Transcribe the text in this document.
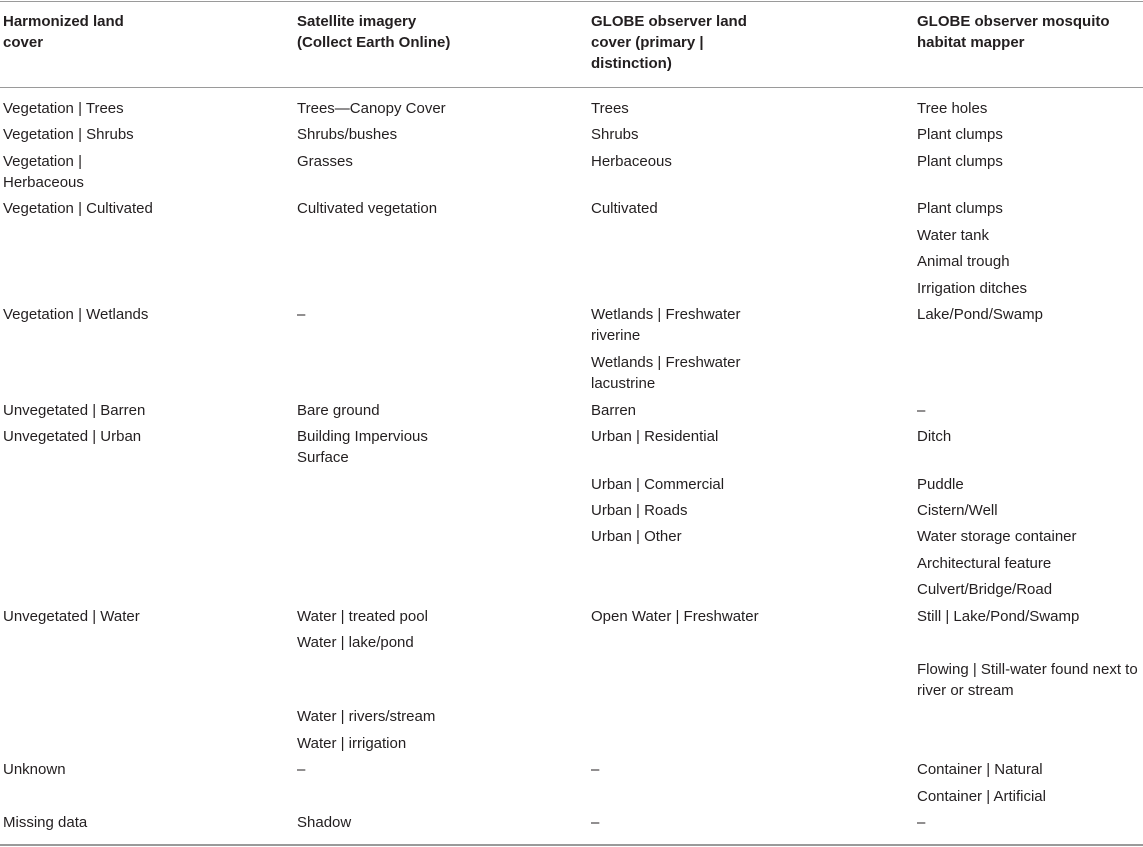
Harmonized land
cover
Satellite imagery
(Collect Earth Online)
GLOBE observer land
cover (primary |
distinction)
GLOBE observer mosquito
habitat mapper
Vegetation | Trees
Vegetation | Shrubs
Vegetation |
Herbaceous
Vegetation | Cultivated
Vegetation | Wetlands
Unvegetated | Barren
Unvegetated | Urban
Unvegetated | Water
Unknown
Missing data
Trees—Canopy Cover
Shrubs/bushes
Grasses
Cultivated vegetation
–
Bare ground
Building Impervious
Surface
Water | treated pool
Water | lake/pond
Water | rivers/stream
Water | irrigation
–
Shadow
Trees
Shrubs
Herbaceous
Cultivated
Wetlands | Freshwater
riverine
Wetlands | Freshwater
lacustrine
Barren
Urban | Residential
Urban | Commercial
Urban | Roads
Urban | Other
Open Water | Freshwater
–
–
Tree holes
Plant clumps
Plant clumps
Plant clumps
Water tank
Animal trough
Irrigation ditches
Lake/Pond/Swamp
–
Ditch
Puddle
Cistern/Well
Water storage container
Architectural feature
Culvert/Bridge/Road
Still | Lake/Pond/Swamp
Flowing | Still-water found next to
river or stream
Container | Natural
Container | Artificial
–
